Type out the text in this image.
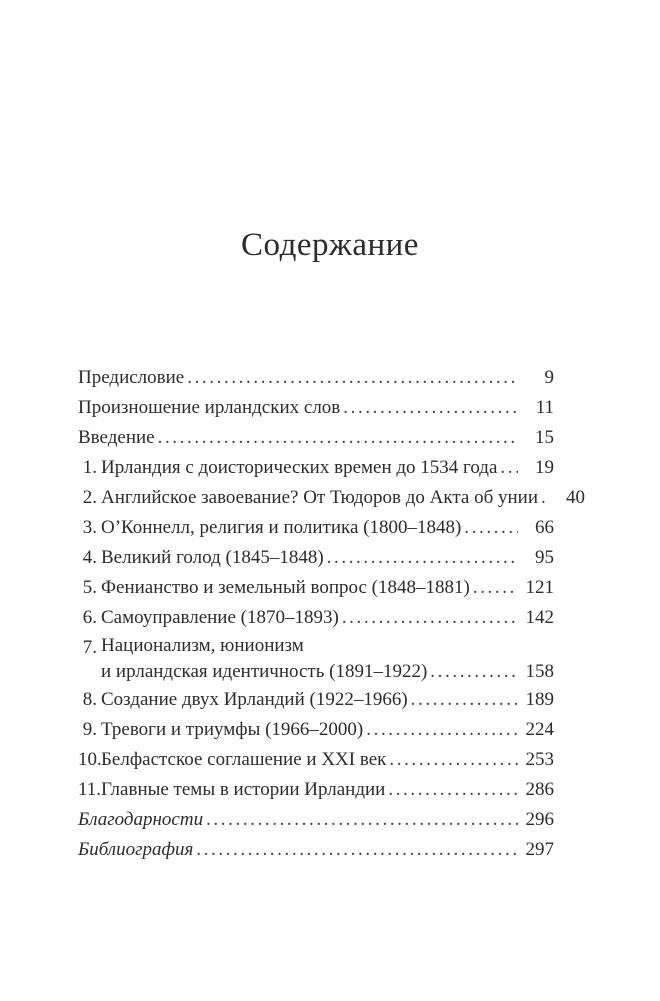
Содержание
Предисловие .....	9
Произношение ирландских слов .....	11
Введение .....	15
1. Ирландия с доисторических времен до 1534 года .....	19
2. Английское завоевание? От Тюдоров до Акта об унии .....	40
3. О’Коннелл, религия и политика (1800–1848) .....	66
4. Великий голод (1845–1848) .....	95
5. Фенианство и земельный вопрос (1848–1881) .....	121
6. Самоуправление (1870–1893) .....	142
7. Национализм, юнионизм
и ирландская идентичность (1891–1922) .....	158
8. Создание двух Ирландий (1922–1966) .....	189
9. Тревоги и триумфы (1966–2000) .....	224
10. Белфастское соглашение и XXI век .....	253
11. Главные темы в истории Ирландии .....	286
Благодарности .....	296
Библиография .....	297
